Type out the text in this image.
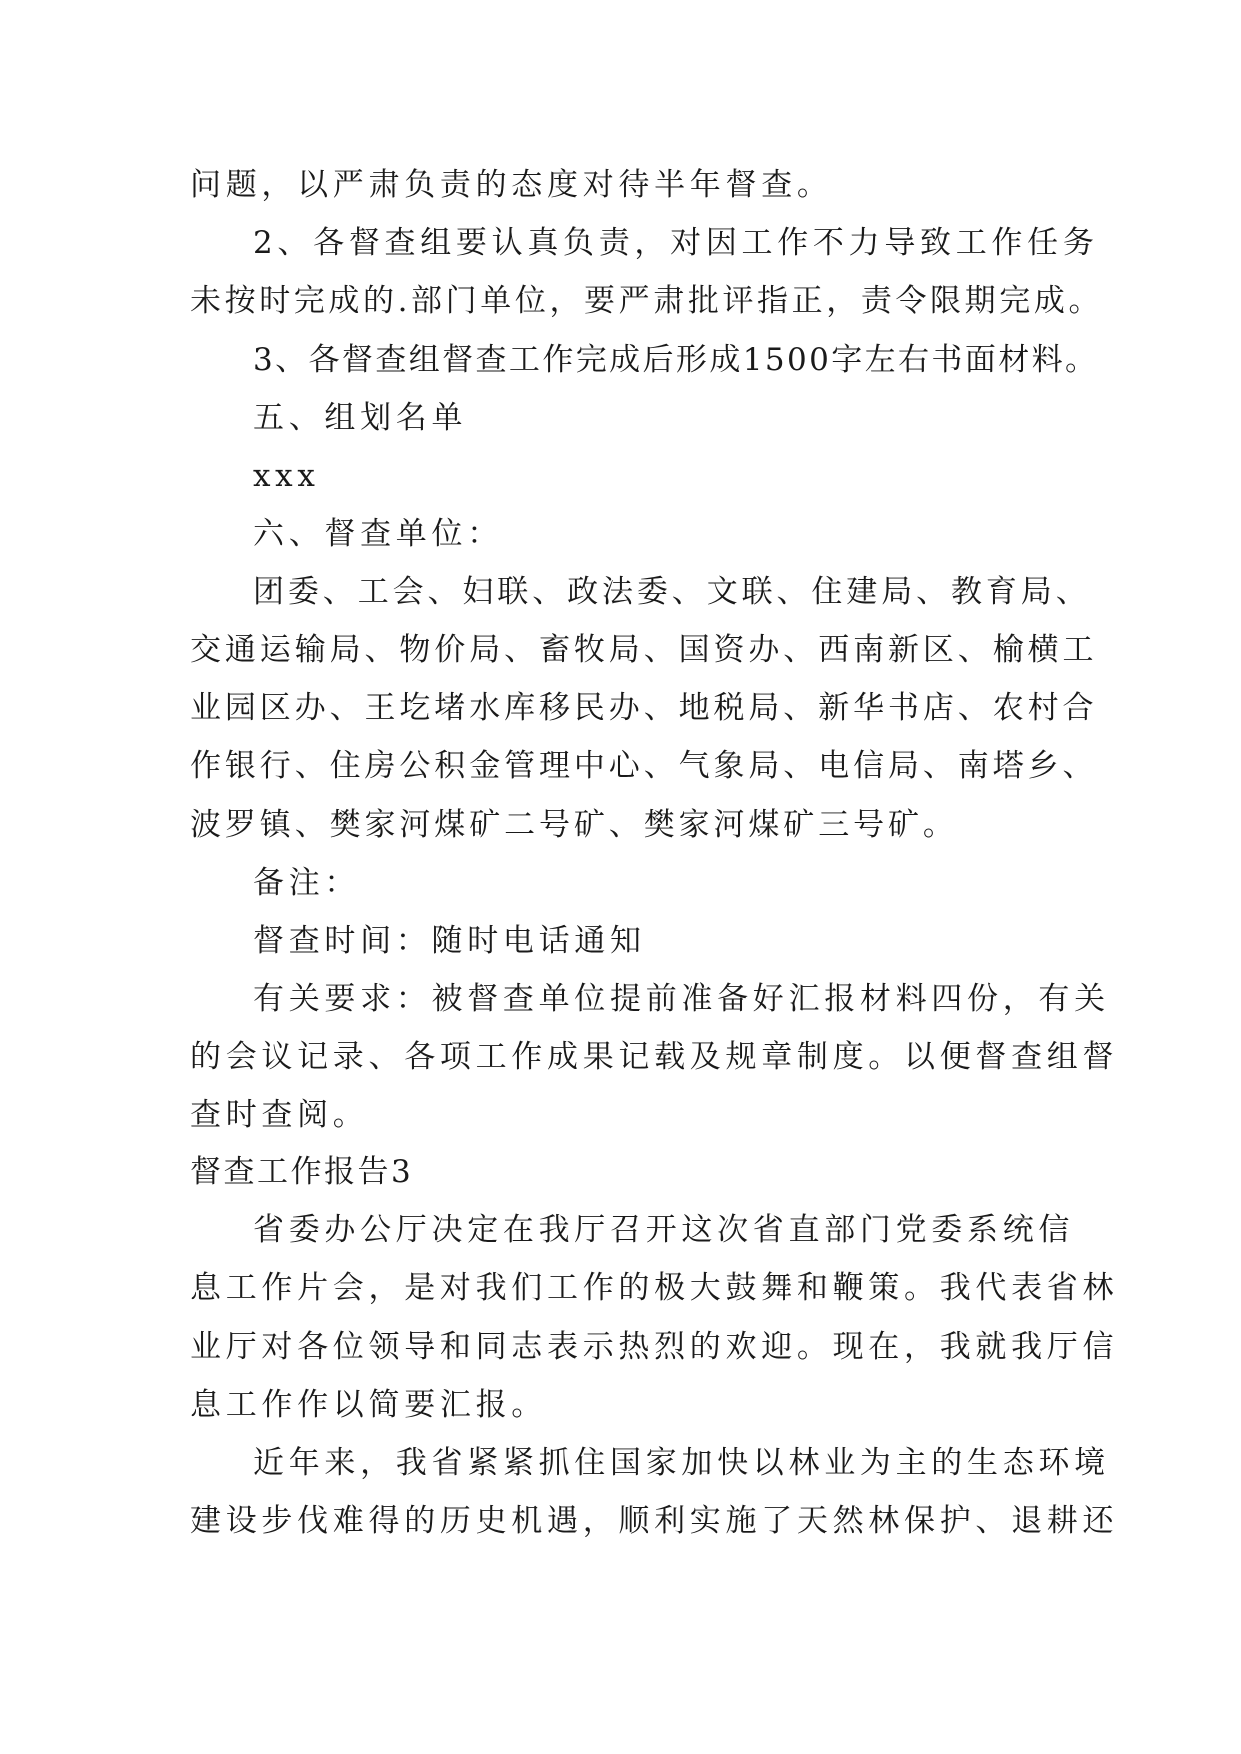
问题，以严肃负责的态度对待半年督查。
2、各督查组要认真负责，对因工作不力导致工作任务
未按时完成的.部门单位，要严肃批评指正，责令限期完成。
3、各督查组督查工作完成后形成1500字左右书面材料。
五、组划名单
xxx
六、督查单位：
团委、工会、妇联、政法委、文联、住建局、教育局、
交通运输局、物价局、畜牧局、国资办、西南新区、榆横工
业园区办、王圪堵水库移民办、地税局、新华书店、农村合
作银行、住房公积金管理中心、气象局、电信局、南塔乡、
波罗镇、樊家河煤矿二号矿、樊家河煤矿三号矿。
备注：
督查时间：随时电话通知
有关要求：被督查单位提前准备好汇报材料四份，有关
的会议记录、各项工作成果记载及规章制度。以便督查组督
查时查阅。
督查工作报告3
省委办公厅决定在我厅召开这次省直部门党委系统信
息工作片会，是对我们工作的极大鼓舞和鞭策。我代表省林
业厅对各位领导和同志表示热烈的欢迎。现在，我就我厅信
息工作作以简要汇报。
近年来，我省紧紧抓住国家加快以林业为主的生态环境
建设步伐难得的历史机遇，顺利实施了天然林保护、退耕还
